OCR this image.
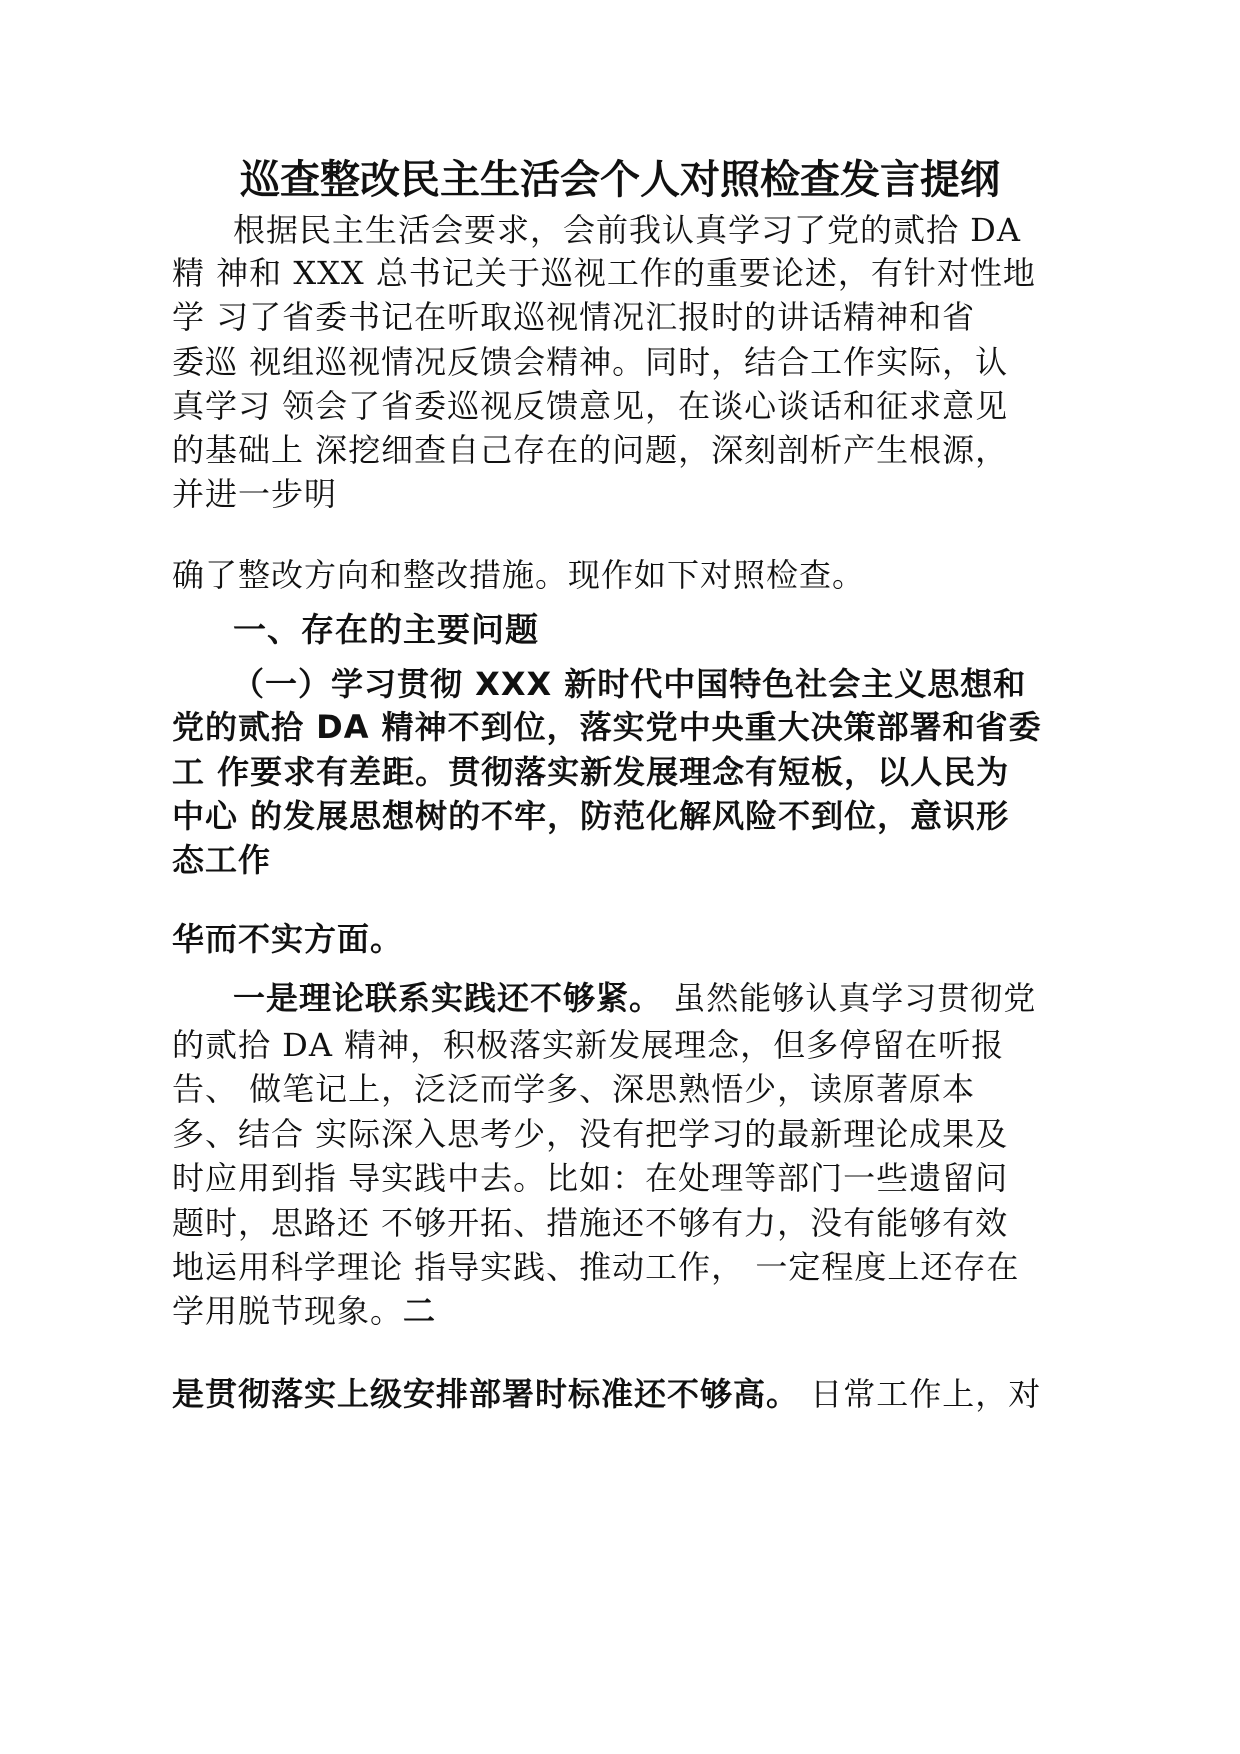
巡查整改民主生活会个人对照检查发言提纲

根据民主生活会要求，会前我认真学习了党的贰拾 DA

精 神和 XXX 总书记关于巡视工作的重要论述，有针对性地

学 习了省委书记在听取巡视情况汇报时的讲话精神和省

委巡 视组巡视情况反馈会精神。同时，结合工作实际，认

真学习 领会了省委巡视反馈意见，在谈心谈话和征求意见

的基础上 深挖细查自己存在的问题，深刻剖析产生根源，

并进一步明

确了整改方向和整改措施。现作如下对照检查。

一、存在的主要问题

（一）学习贯彻 XXX 新时代中国特色社会主义思想和

党的贰拾 DA 精神不到位，落实党中央重大决策部署和省委

工 作要求有差距。贯彻落实新发展理念有短板，以人民为

中心 的发展思想树的不牢，防范化解风险不到位，意识形

态工作

华而不实方面。

一是理论联系实践还不够紧。 虽然能够认真学习贯彻党

的贰拾 DA 精神，积极落实新发展理念，但多停留在听报

告、 做笔记上，泛泛而学多、深思熟悟少，读原著原本

多、结合 实际深入思考少，没有把学习的最新理论成果及

时应用到指 导实践中去。比如：在处理等部门一些遗留问

题时，思路还 不够开拓、措施还不够有力，没有能够有效

地运用科学理论 指导实践、推动工作， 一定程度上还存在

学用脱节现象。二

是贯彻落实上级安排部署时标准还不够高。 日常工作上，对
